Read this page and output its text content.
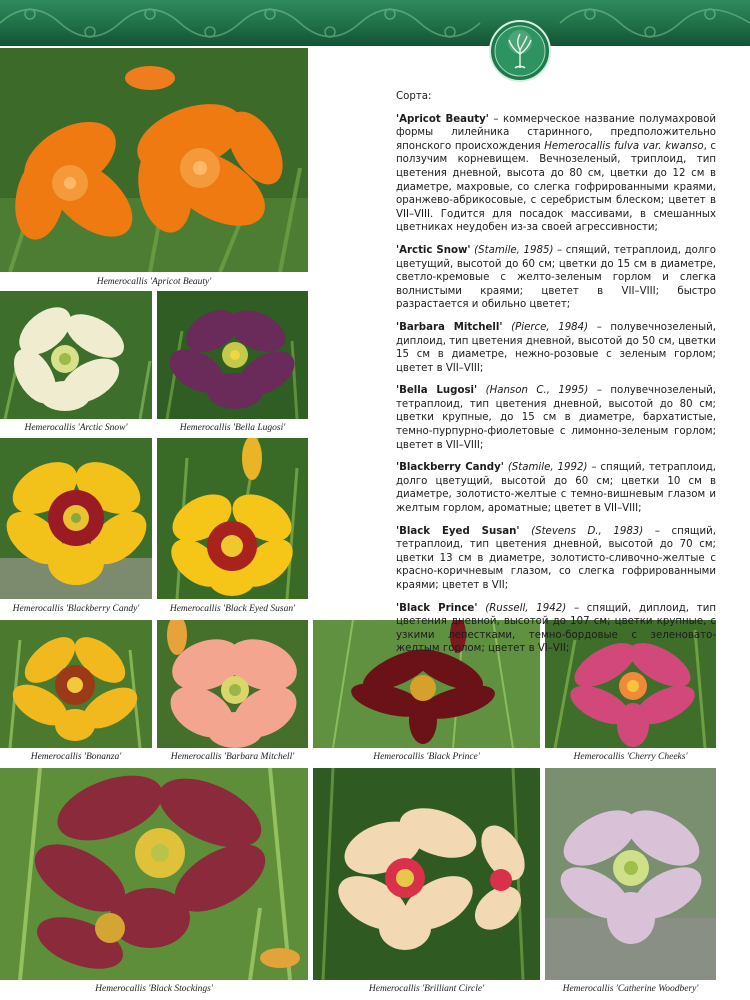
Hemerocallis 'Apricot Beauty'
Hemerocallis 'Arctic Snow'	Hemerocallis 'Bella Lugosi'
Hemerocallis 'Blackberry Candy'	Hemerocallis 'Black Eyed Susan'
Hemerocallis 'Bonanza'	Hemerocallis 'Barbara Mitchell'	Hemerocallis 'Black Prince'	Hemerocallis 'Cherry Cheeks'
Hemerocallis 'Black Stockings'	Hemerocallis 'Brilliant Circle'	Hemerocallis 'Catherine Woodbery'

Сорта:

'Apricot Beauty' – коммерческое название полумахровой формы лилейника старинного, предположительно японского происхождения Hemerocallis fulva var. kwanso, с ползучим корневищем. Вечнозеленый, триплоид, тип цветения дневной, высота до 80 см, цветки до 12 см в диаметре, махровые, со слегка гофрированными краями, оранжево-абрикосовые, с серебристым блеском; цветет в VII–VIII. Годится для посадок массивами, в смешанных цветниках неудобен из-за своей агрессивности;

'Arctic Snow' (Stamile, 1985) – спящий, тетраплоид, долго цветущий, высотой до 60 см; цветки до 15 см в диаметре, светло-кремовые с желто-зеленым горлом и слегка волнистыми краями; цветет в VII–VIII; быстро разрастается и обильно цветет;

'Barbara Mitchell' (Pierce, 1984) – полувечнозеленый, диплоид, тип цветения дневной, высотой до 50 см, цветки 15 см в диаметре, нежно-розовые с зеленым горлом; цветет в VII–VIII;

'Bella Lugosi' (Hanson C., 1995) – полувечнозеленый, тетраплоид, тип цветения дневной, высотой до 80 см; цветки крупные, до 15 см в диаметре, бархатистые, темно-пурпурно-фиолетовые с лимонно-зеленым горлом; цветет в VII–VIII;

'Blackberry Candy' (Stamile, 1992) – спящий, тетраплоид, долго цветущий, высотой до 60 см; цветки 10 см в диаметре, золотисто-желтые с темно-вишневым глазом и желтым горлом, ароматные; цветет в VII–VIII;

'Black Eyed Susan' (Stevens D., 1983) – спящий, тетраплоид, тип цветения дневной, высотой до 70 см; цветки 13 см в диаметре, золотисто-сливочно-желтые с красно-коричневым глазом, со слегка гофрированными краями; цветет в VII;

'Black Prince' (Russell, 1942) – спящий, диплоид, тип цветения дневной, высотой до 107 см; цветки крупные, с узкими лепестками, темно-бордовые с зеленовато-желтым горлом; цветет в VI–VII;
